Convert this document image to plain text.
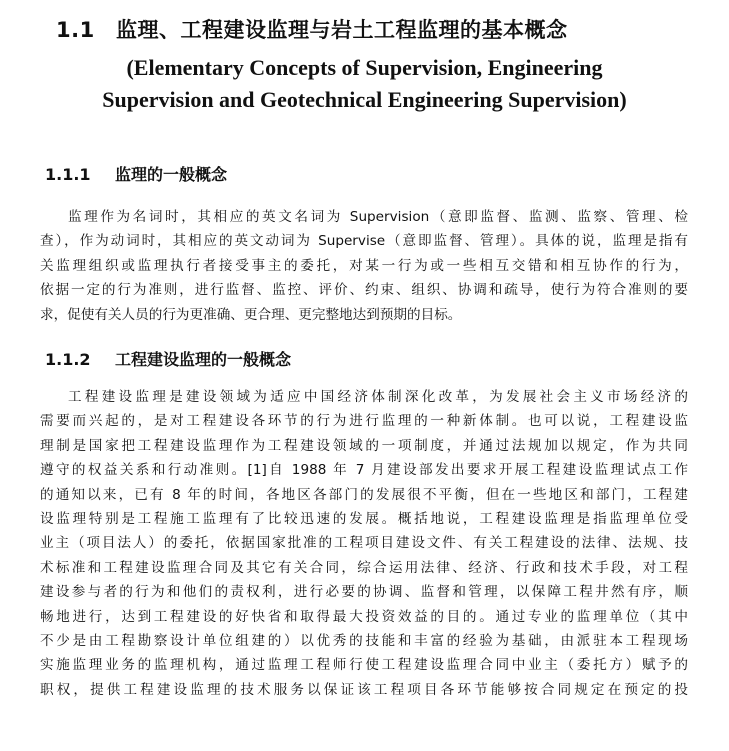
1.1 监理、工程建设监理与岩土工程监理的基本概念
(Elementary Concepts of Supervision, Engineering
Supervision and Geotechnical Engineering Supervision)
1.1.1 监理的一般概念
监理作为名词时，其相应的英文名词为 Supervision（意即监督、监测、监察、管理、检
查），作为动词时，其相应的英文动词为 Supervise（意即监督、管理）。具体的说，监理是指有
关监理组织或监理执行者接受事主的委托，对某一行为或一些相互交错和相互协作的行为，
依据一定的行为准则，进行监督、监控、评价、约束、组织、协调和疏导，使行为符合准则的要
求，促使有关人员的行为更准确、更合理、更完整地达到预期的目标。
1.1.2 工程建设监理的一般概念
工程建设监理是建设领域为适应中国经济体制深化改革，为发展社会主义市场经济的
需要而兴起的，是对工程建设各环节的行为进行监理的一种新体制。也可以说，工程建设监
理制是国家把工程建设监理作为工程建设领域的一项制度，并通过法规加以规定，作为共同
遵守的权益关系和行动准则。[1]自 1988 年 7 月建设部发出要求开展工程建设监理试点工作
的通知以来，已有 8 年的时间，各地区各部门的发展很不平衡，但在一些地区和部门，工程建
设监理特别是工程施工监理有了比较迅速的发展。概括地说，工程建设监理是指监理单位受
业主（项目法人）的委托，依据国家批准的工程项目建设文件、有关工程建设的法律、法规、技
术标准和工程建设监理合同及其它有关合同，综合运用法律、经济、行政和技术手段，对工程
建设参与者的行为和他们的责权利，进行必要的协调、监督和管理，以保障工程井然有序，顺
畅地进行，达到工程建设的好快省和取得最大投资效益的目的。通过专业的监理单位（其中
不少是由工程勘察设计单位组建的）以优秀的技能和丰富的经验为基础，由派驻本工程现场
实施监理业务的监理机构，通过监理工程师行使工程建设监理合同中业主（委托方）赋予的
职权，提供工程建设监理的技术服务以保证该工程项目各环节能够按合同规定在预定的投
